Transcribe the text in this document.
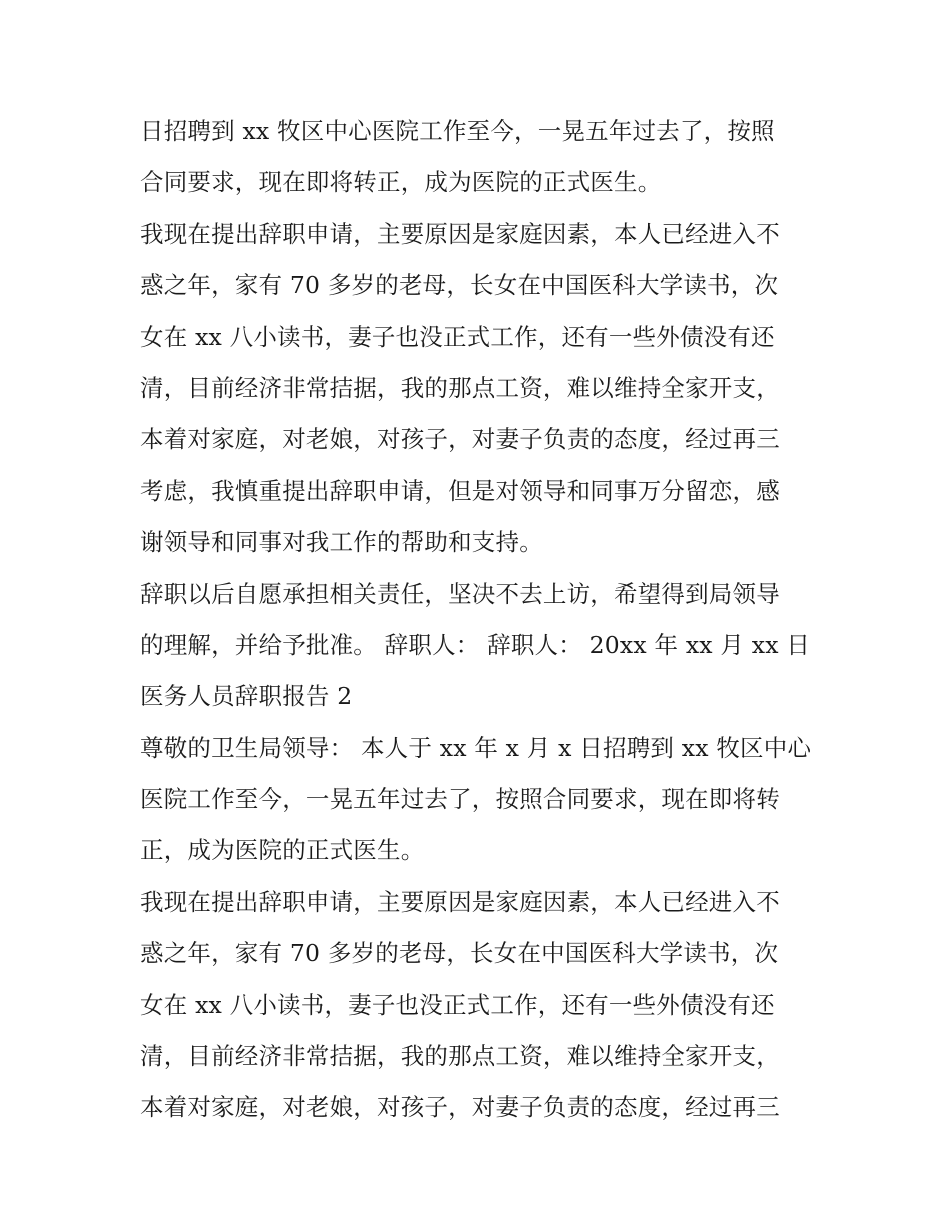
日招聘到 xx 牧区中心医院工作至今，一晃五年过去了，按照
合同要求，现在即将转正，成为医院的正式医生。
我现在提出辞职申请，主要原因是家庭因素，本人已经进入不
惑之年，家有 70 多岁的老母，长女在中国医科大学读书，次
女在 xx 八小读书，妻子也没正式工作，还有一些外债没有还
清，目前经济非常拮据，我的那点工资，难以维持全家开支，
本着对家庭，对老娘，对孩子，对妻子负责的态度，经过再三
考虑，我慎重提出辞职申请，但是对领导和同事万分留恋，感
谢领导和同事对我工作的帮助和支持。
辞职以后自愿承担相关责任，坚决不去上访，希望得到局领导
的理解，并给予批准。 辞职人： 辞职人： 20xx 年 xx 月 xx 日
医务人员辞职报告 2
尊敬的卫生局领导： 本人于 xx 年 x 月 x 日招聘到 xx 牧区中心
医院工作至今，一晃五年过去了，按照合同要求，现在即将转
正，成为医院的正式医生。
我现在提出辞职申请，主要原因是家庭因素，本人已经进入不
惑之年，家有 70 多岁的老母，长女在中国医科大学读书，次
女在 xx 八小读书，妻子也没正式工作，还有一些外债没有还
清，目前经济非常拮据，我的那点工资，难以维持全家开支，
本着对家庭，对老娘，对孩子，对妻子负责的态度，经过再三
